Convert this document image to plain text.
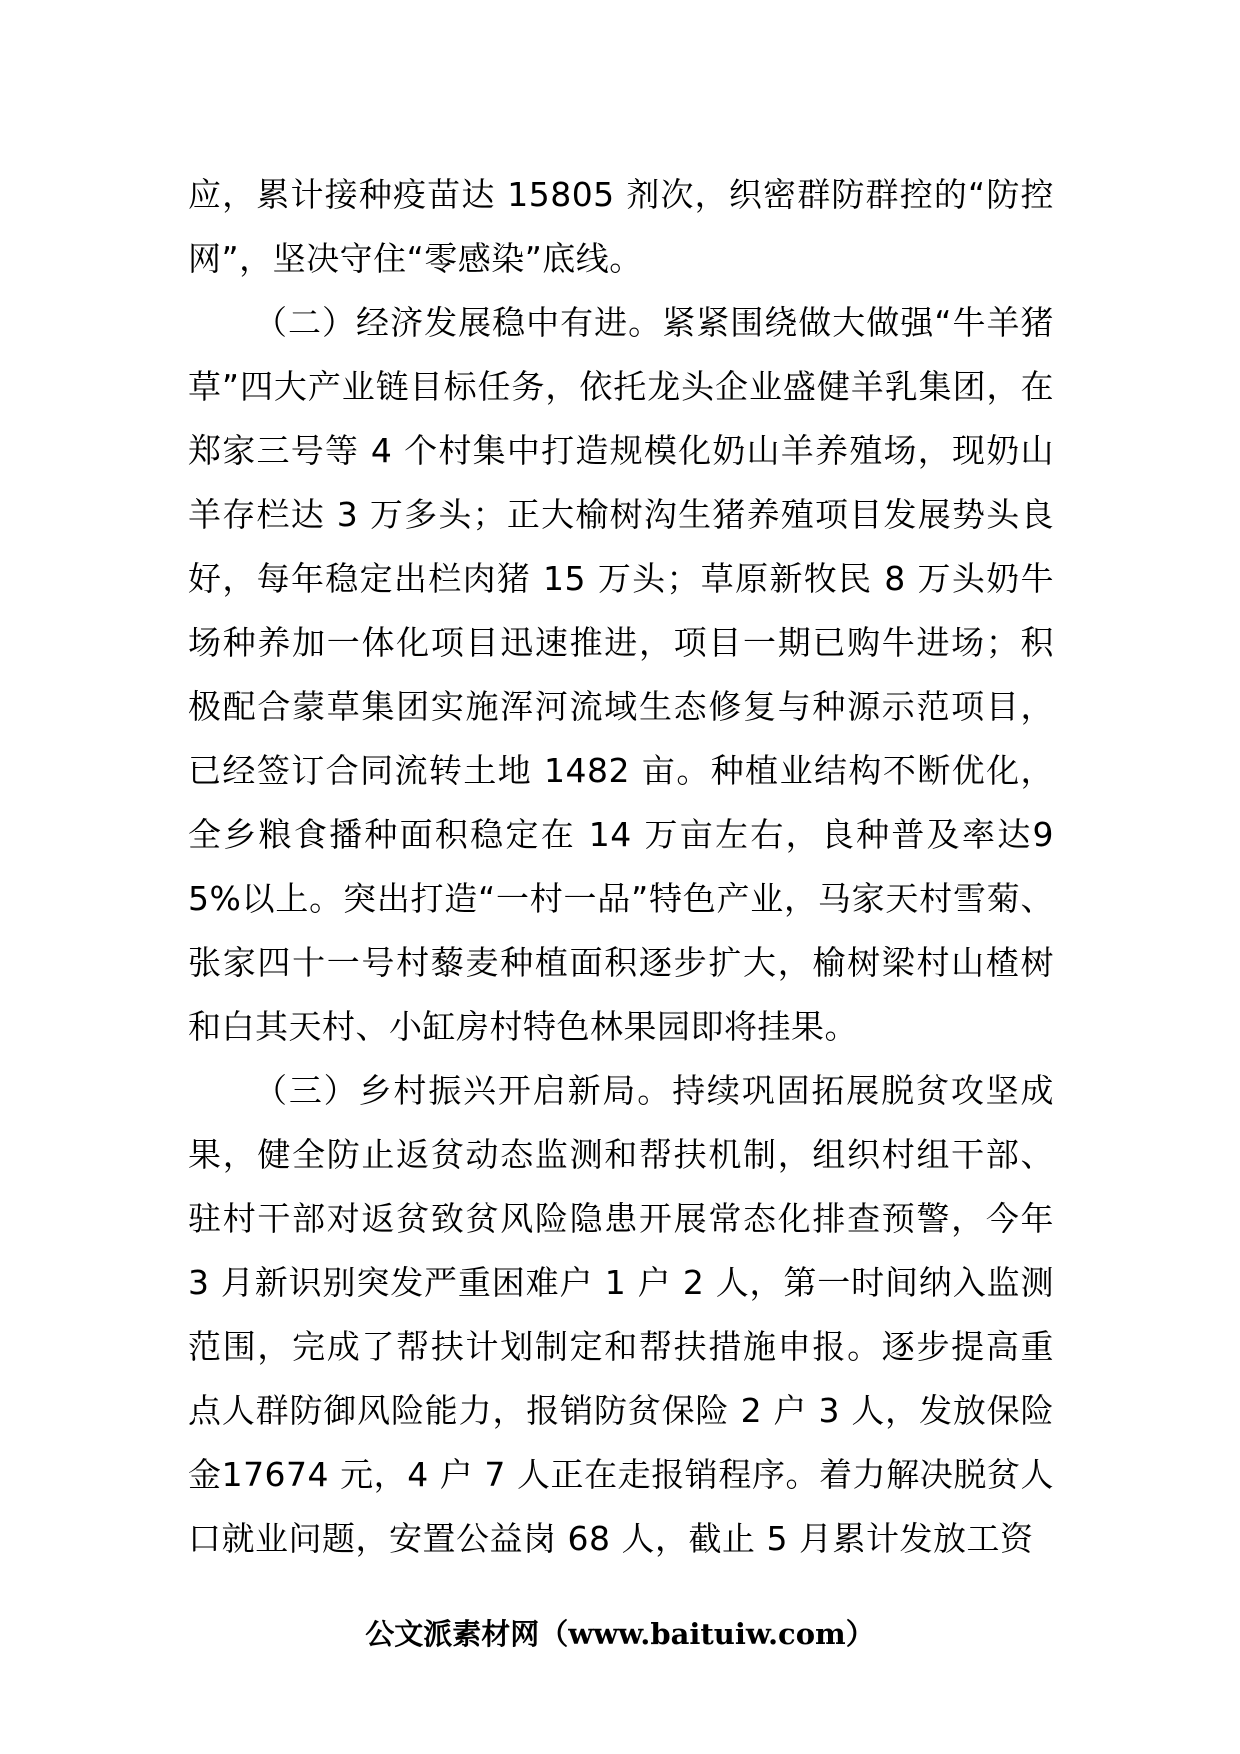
应，累计接种疫苗达 15805 剂次，织密群防群控的“防控网”，坚决守住“零感染”底线。

（二）经济发展稳中有进。紧紧围绕做大做强“牛羊猪草”四大产业链目标任务，依托龙头企业盛健羊乳集团，在郑家三号等 4 个村集中打造规模化奶山羊养殖场，现奶山羊存栏达 3 万多头；正大榆树沟生猪养殖项目发展势头良好，每年稳定出栏肉猪 15 万头；草原新牧民 8 万头奶牛场种养加一体化项目迅速推进，项目一期已购牛进场；积极配合蒙草集团实施浑河流域生态修复与种源示范项目，已经签订合同流转土地 1482 亩。种植业结构不断优化，全乡粮食播种面积稳定在 14 万亩左右，良种普及率达95%以上。突出打造“一村一品”特色产业，马家天村雪菊、张家四十一号村藜麦种植面积逐步扩大，榆树梁村山楂树和白其天村、小缸房村特色林果园即将挂果。

（三）乡村振兴开启新局。持续巩固拓展脱贫攻坚成果，健全防止返贫动态监测和帮扶机制，组织村组干部、驻村干部对返贫致贫风险隐患开展常态化排查预警，今年 3 月新识别突发严重困难户 1 户 2 人，第一时间纳入监测范围，完成了帮扶计划制定和帮扶措施申报。逐步提高重点人群防御风险能力，报销防贫保险 2 户 3 人，发放保险金17674 元，4 户 7 人正在走报销程序。着力解决脱贫人口就业问题，安置公益岗 68 人，截止 5 月累计发放工资

公文派素材网（www.baituiw.com）
